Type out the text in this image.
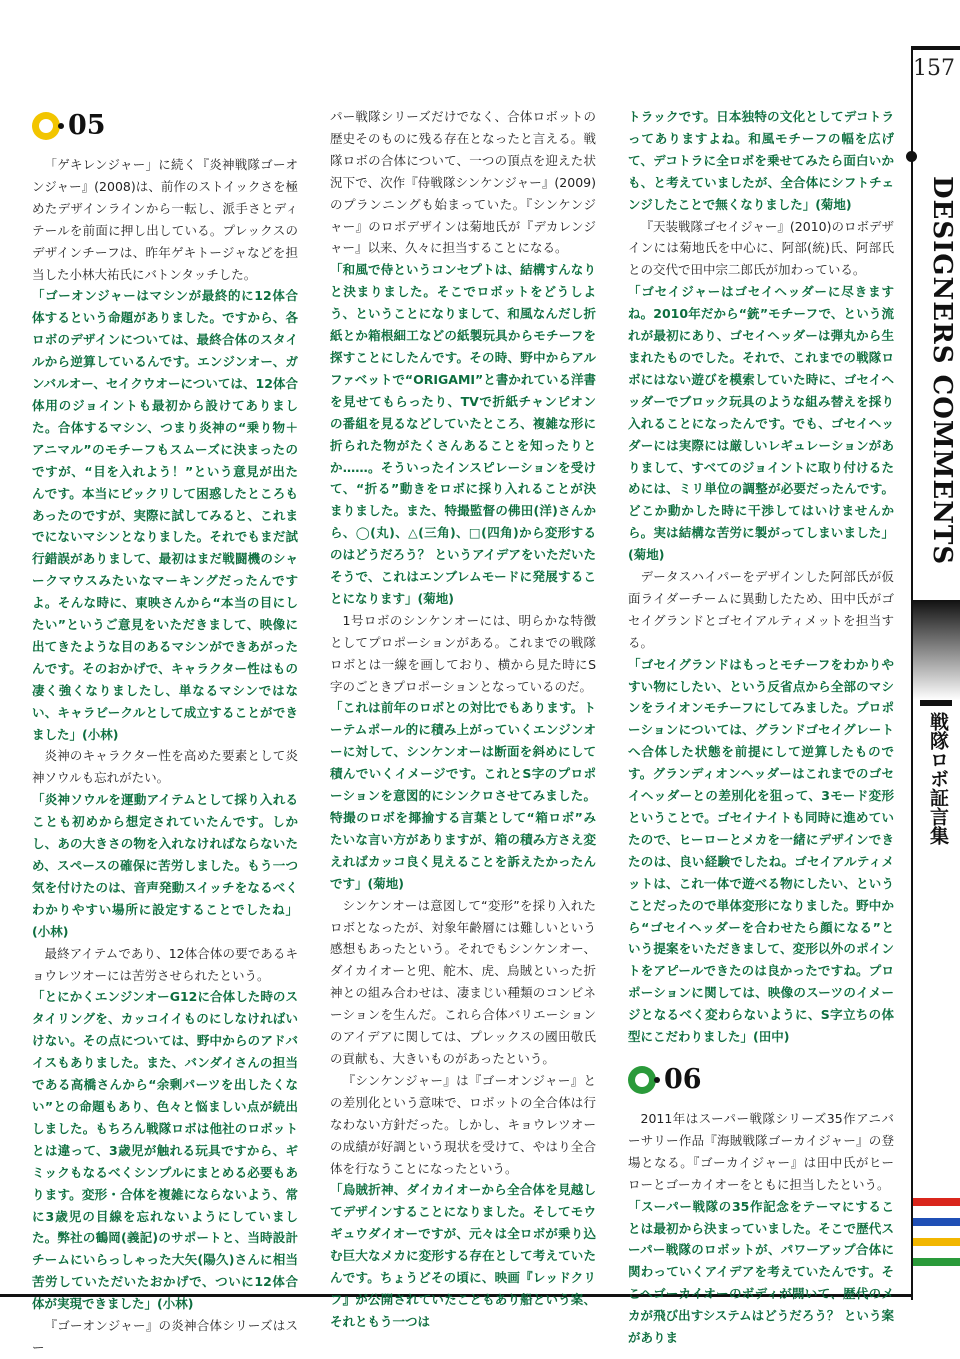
157
DESIGNERS COMMENTS
戦隊ロボ証言集
05

「ゲキレンジャー」に続く『炎神戦隊ゴーオンジャー』(2008)は、前作のストイックさを極めたデザインラインから一転し、派手さとディテールを前面に押し出している。プレックスのデザインチーフは、昨年ゲキトージャなどを担当した小林大祐氏にバトンタッチした。

「ゴーオンジャーはマシンが最終的に12体合体するという命題がありました。ですから、各ロボのデザインについては、最終合体のスタイルから逆算しているんです。エンジンオー、ガンバルオー、セイクウオーについては、12体合体用のジョイントも最初から設けてありました。合体するマシン、つまり炎神の“乗り物＋アニマル”のモチーフもスムーズに決まったのですが、“目を入れよう！”という意見が出たんです。本当にビックリして困惑したところもあったのですが、実際に試してみると、これまでにないマシンとなりました。それでもまだ試行錯誤がありまして、最初はまだ戦闘機のシャークマウスみたいなマーキングだったんですよ。そんな時に、東映さんから“本当の目にしたい”というご意見をいただきまして、映像に出てきたような目のあるマシンができあがったんです。そのおかげで、キャラクター性はもの凄く強くなりましたし、単なるマシンではない、キャラビークルとして成立することができました」(小林)

炎神のキャラクター性を高めた要素として炎神ソウルも忘れがたい。

「炎神ソウルを運動アイテムとして採り入れることも初めから想定されていたんです。しかし、あの大きさの物を入れなければならないため、スペースの確保に苦労しました。もう一つ気を付けたのは、音声発動スイッチをなるべくわかりやすい場所に設定することでしたね」(小林)

最終アイテムであり、12体合体の要であるキョウレツオーには苦労させられたという。

「とにかくエンジンオーG12に合体した時のスタイリングを、カッコイイものにしなければいけない。その点については、野中からのアドバイスもありました。また、バンダイさんの担当である高橋さんから“余剰パーツを出したくない”との命題もあり、色々と悩ましい点が続出しました。もちろん戦隊ロボは他社のロボットとは違って、3歳児が触れる玩具ですから、ギミックもなるべくシンプルにまとめる必要もあります。変形・合体を複雑にならないよう、常に3歳児の目線を忘れないようにしていました。弊社の鶴岡(義記)のサポートと、当時設計チームにいらっしゃった大矢(陽久)さんに相当苦労していただいたおかげで、ついに12体合体が実現できました」(小林)

『ゴーオンジャー』の炎神合体シリーズはスー

パー戦隊シリーズだけでなく、合体ロボットの歴史そのものに残る存在となったと言える。戦隊ロボの合体について、一つの頂点を迎えた状況下で、次作『侍戦隊シンケンジャー』(2009)のプランニングも始まっていた。『シンケンジャー』のロボデザインは菊地氏が『デカレンジャー』以来、久々に担当することになる。

「和風で侍というコンセプトは、結構すんなりと決まりました。そこでロボットをどうしよう、ということになりまして、和風なんだし折紙とか箱根細工などの紙製玩具からモチーフを探すことにしたんです。その時、野中からアルファベットで“ORIGAMI”と書かれている洋書を見せてもらったり、TVで折紙チャンピオンの番組を見るなどしていたところ、複雑な形に折られた物がたくさんあることを知ったりとか……。そういったインスピレーションを受けて、“折る”動きをロボに採り入れることが決まりました。また、特撮監督の佛田(洋)さんから、◯(丸)、△(三角)、□(四角)から変形するのはどうだろう？ というアイデアをいただいたそうで、これはエンブレムモードに発展することになります」(菊地)

1号ロボのシンケンオーには、明らかな特徴としてプロポーションがある。これまでの戦隊ロボとは一線を画しており、横から見た時にS字のごときプロポーションとなっているのだ。

「これは前年のロボとの対比でもあります。トーテムポール的に積み上がっていくエンジンオーに対して、シンケンオーは断面を斜めにして積んでいくイメージです。これとS字のプロポーションを意図的にシンクロさせてみました。特撮のロボを揶揄する言葉として“箱ロボ”みたいな言い方がありますが、箱の積み方さえ変えればカッコ良く見えることを訴えたかったんです」(菊地)

シンケンオーは意図して“変形”を採り入れたロボとなったが、対象年齢層には難しいという感想もあったという。それでもシンケンオー、ダイカイオーと兜、舵木、虎、烏賊といった折神との組み合わせは、凄まじい種類のコンビネーションを生んだ。これら合体バリエーションのアイデアに関しては、プレックスの國田敬氏の貢献も、大きいものがあったという。

『シンケンジャー』は『ゴーオンジャー』との差別化という意味で、ロボットの全合体は行なわない方針だった。しかし、キョウレツオーの成績が好調という現状を受けて、やはり全合体を行なうことになったという。

「烏賊折神、ダイカイオーから全合体を見越してデザインすることになりました。そしてモウギュウダイオーですが、元々は全ロボが乗り込む巨大なメカに変形する存在として考えていたんです。ちょうどその頃に、映画『レッドクリフ』が公開されていたこともあり船という案、それともう一つは

トラックです。日本独特の文化としてデコトラってありますよね。和風モチーフの幅を広げて、デコトラに全ロボを乗せてみたら面白いかも、と考えていましたが、全合体にシフトチェンジしたことで無くなりました」(菊地)

『天装戦隊ゴセイジャー』(2010)のロボデザインには菊地氏を中心に、阿部(統)氏、阿部氏との交代で田中宗二郎氏が加わっている。

「ゴセイジャーはゴセイヘッダーに尽きますね。2010年だから“銃”モチーフで、という流れが最初にあり、ゴセイヘッダーは弾丸から生まれたものでした。それで、これまでの戦隊ロボにはない遊びを模索していた時に、ゴセイヘッダーでブロック玩具のような組み替えを採り入れることになったんです。でも、ゴセイヘッダーには実際には厳しいレギュレーションがありまして、すべてのジョイントに取り付けるためには、ミリ単位の調整が必要だったんです。どこか動かした時に干渉してはいけませんから。実は結構な苦労に製がってしまいました」(菊地)

データスハイパーをデザインした阿部氏が仮面ライダーチームに異動したため、田中氏がゴセイグランドとゴセイアルティメットを担当する。

「ゴセイグランドはもっとモチーフをわかりやすい物にしたい、という反省点から全部のマシンをライオンモチーフにしてみました。プロポーションについては、グランドゴセイグレートへ合体した状態を前提にして逆算したものです。グランディオンヘッダーはこれまでのゴセイヘッダーとの差別化を狙って、3モード変形ということで。ゴセイナイトも同時に進めていたので、ヒーローとメカを一緒にデザインできたのは、良い経験でしたね。ゴセイアルティメットは、これ一体で遊べる物にしたい、ということだったので単体変形になりました。野中から“ゴセイヘッダーを合わせたら顔になる”という提案をいただきまして、変形以外のポイントをアピールできたのは良かったですね。プロポーションに関しては、映像のスーツのイメージとなるべく変わらないように、S字立ちの体型にこだわりました」(田中)

06

2011年はスーパー戦隊シリーズ35作アニバーサリー作品『海賊戦隊ゴーカイジャー』の登場となる。『ゴーカイジャー』は田中氏がヒーローとゴーカイオーをともに担当したという。

「スーパー戦隊の35作記念をテーマにすることは最初から決まっていました。そこで歴代スーパー戦隊のロボットが、パワーアップ合体に関わっていくアイデアを考えていたんです。そこへゴーカイオーのボディが開いて、歴代のメカが飛び出すシステムはどうだろう？ という案がありま
